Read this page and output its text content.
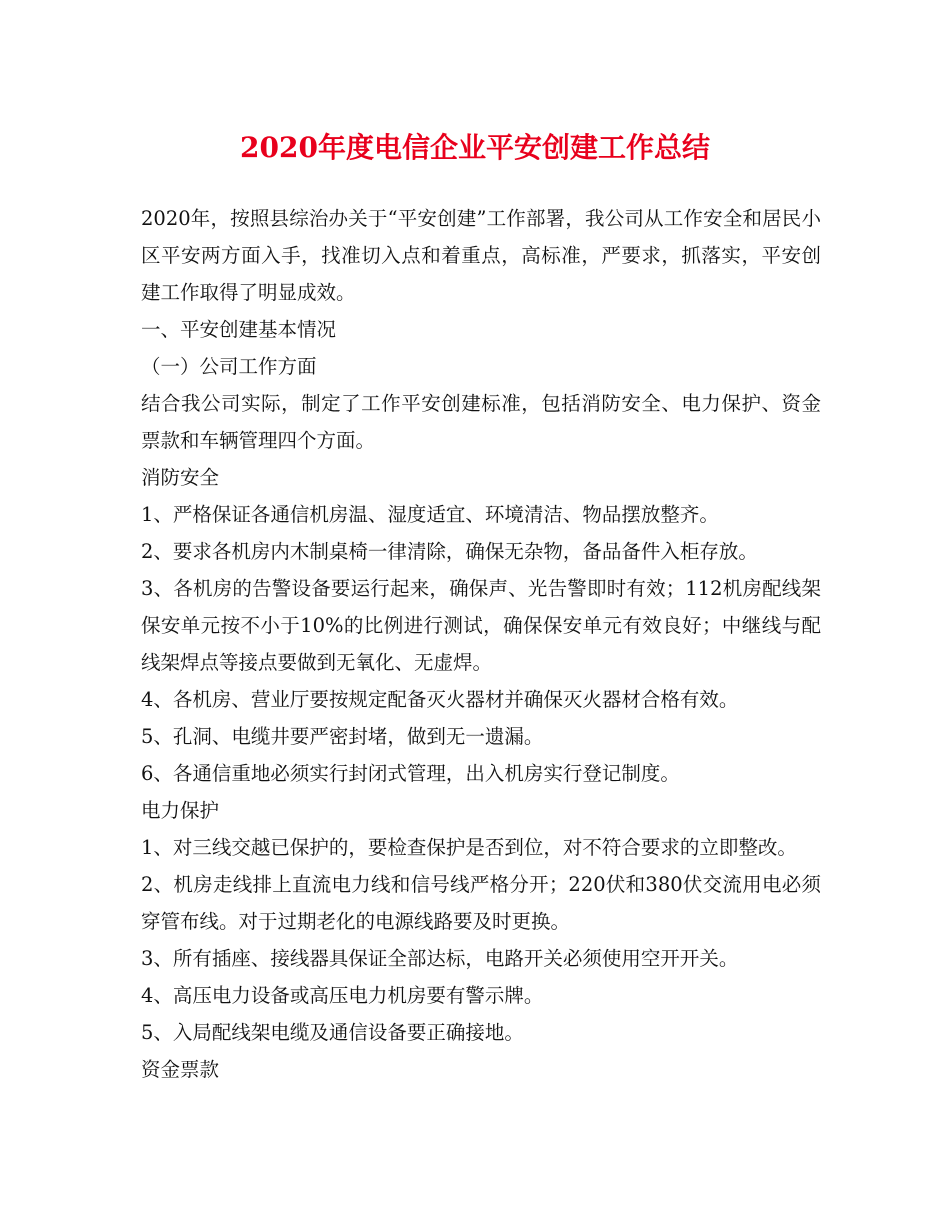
2020年度电信企业平安创建工作总结

2020年，按照县综治办关于“平安创建”工作部署，我公司从工作安全和居民小区平安两方面入手，找准切入点和着重点，高标准，严要求，抓落实，平安创建工作取得了明显成效。

一、平安创建基本情况

（一）公司工作方面

结合我公司实际，制定了工作平安创建标准，包括消防安全、电力保护、资金票款和车辆管理四个方面。

消防安全

1、严格保证各通信机房温、湿度适宜、环境清洁、物品摆放整齐。

2、要求各机房内木制桌椅一律清除，确保无杂物，备品备件入柜存放。

3、各机房的告警设备要运行起来，确保声、光告警即时有效；112机房配线架保安单元按不小于10%的比例进行测试，确保保安单元有效良好；中继线与配线架焊点等接点要做到无氧化、无虚焊。

4、各机房、营业厅要按规定配备灭火器材并确保灭火器材合格有效。

5、孔洞、电缆井要严密封堵，做到无一遗漏。

6、各通信重地必须实行封闭式管理，出入机房实行登记制度。

电力保护

1、对三线交越已保护的，要检查保护是否到位，对不符合要求的立即整改。

2、机房走线排上直流电力线和信号线严格分开；220伏和380伏交流用电必须穿管布线。对于过期老化的电源线路要及时更换。

3、所有插座、接线器具保证全部达标，电路开关必须使用空开开关。

4、高压电力设备或高压电力机房要有警示牌。

5、入局配线架电缆及通信设备要正确接地。

资金票款
